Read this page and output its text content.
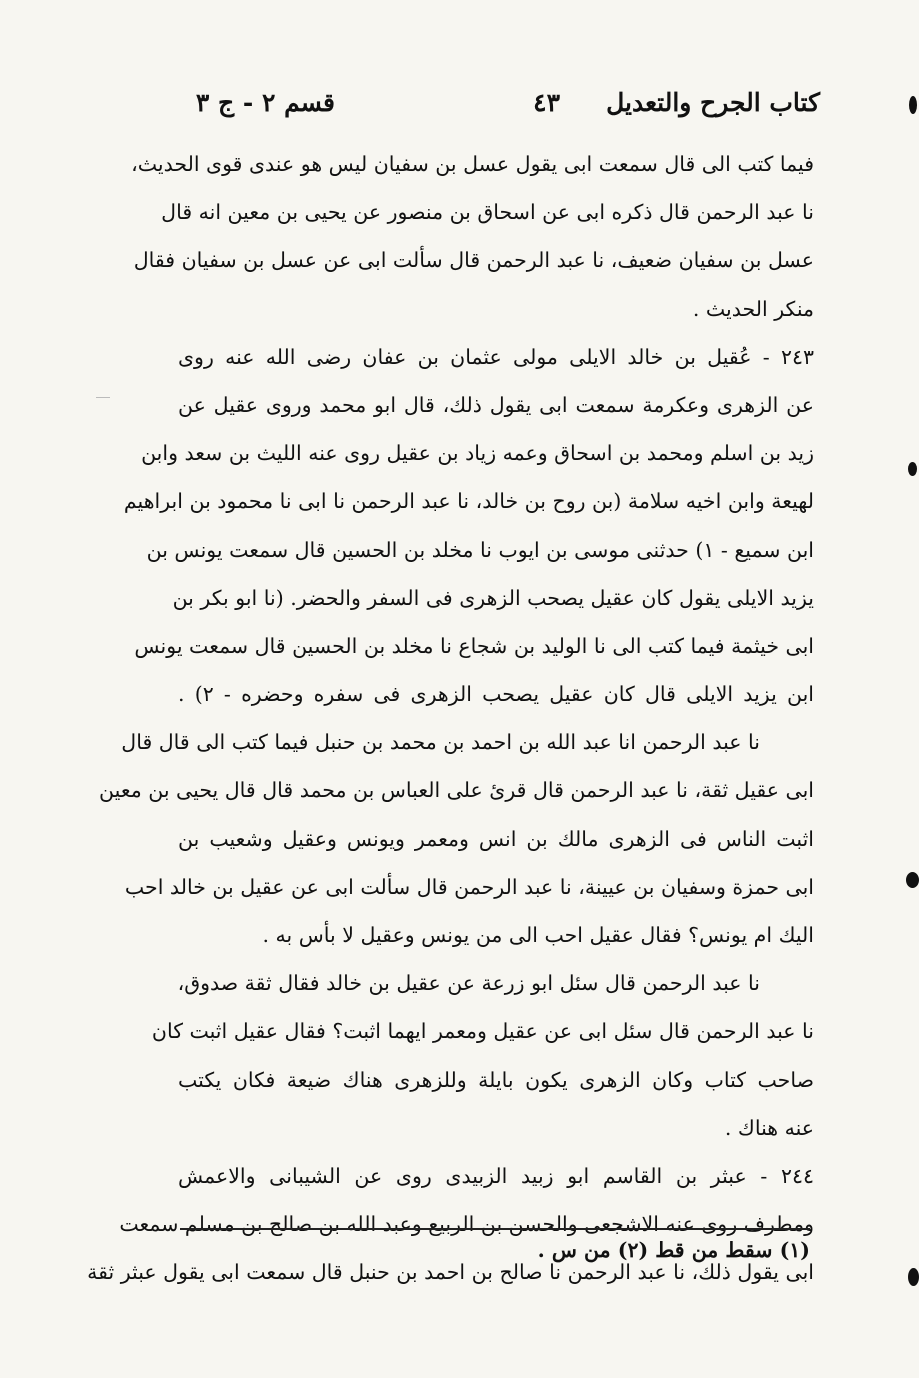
كتاب الجرح والتعديل
٤٣
قسم ٢ - ج ٣
فيما كتب الى قال سمعت ابى يقول عسل بن سفيان ليس هو عندى قوى الحديث،
نا عبد الرحمن قال ذكره ابى عن اسحاق بن منصور عن يحيى بن معين انه قال
عسل بن سفيان ضعيف، نا عبد الرحمن قال سألت ابى عن عسل بن سفيان فقال
منكر الحديث .
٢٤٣ - عُقيل بن خالد الايلى مولى عثمان بن عفان رضى الله عنه روى
عن الزهرى وعكرمة سمعت ابى يقول ذلك، قال ابو محمد وروى عقيل عن
زيد بن اسلم ومحمد بن اسحاق وعمه زياد بن عقيل روى عنه الليث بن سعد وابن
لهيعة وابن اخيه سلامة (بن روح بن خالد، نا عبد الرحمن نا ابى نا محمود بن ابراهيم
ابن سميع - ١) حدثنى موسى بن ايوب نا مخلد بن الحسين قال سمعت يونس بن
يزيد الايلى يقول كان عقيل يصحب الزهرى فى السفر والحضر. (نا ابو بكر بن
ابى خيثمة فيما كتب الى نا الوليد بن شجاع نا مخلد بن الحسين قال سمعت يونس
ابن يزيد الايلى قال كان عقيل يصحب الزهرى فى سفره وحضره - ٢) .
نا عبد الرحمن انا عبد الله بن احمد بن محمد بن حنبل فيما كتب الى قال قال
ابى عقيل ثقة، نا عبد الرحمن قال قرئ على العباس بن محمد قال قال يحيى بن معين
اثبت الناس فى الزهرى مالك بن انس ومعمر ويونس وعقيل وشعيب بن
ابى حمزة وسفيان بن عيينة، نا عبد الرحمن قال سألت ابى عن عقيل بن خالد احب
اليك ام يونس؟ فقال عقيل احب الى من يونس وعقيل لا بأس به .
نا عبد الرحمن قال سئل ابو زرعة عن عقيل بن خالد فقال ثقة صدوق،
نا عبد الرحمن قال سئل ابى عن عقيل ومعمر ايهما اثبت؟ فقال عقيل اثبت كان
صاحب كتاب وكان الزهرى يكون بايلة وللزهرى هناك ضيعة فكان يكتب
عنه هناك .
٢٤٤ - عبثر بن القاسم ابو زبيد الزبيدى روى عن الشيبانى والاعمش
ومطرف روى عنه الاشجعى والحسن بن الربيع وعبد الله بن صالح بن مسلم سمعت
ابى يقول ذلك، نا عبد الرحمن نا صالح بن احمد بن حنبل قال سمعت ابى يقول عبثر ثقة
(١) سقط من قط (٢) من س .
